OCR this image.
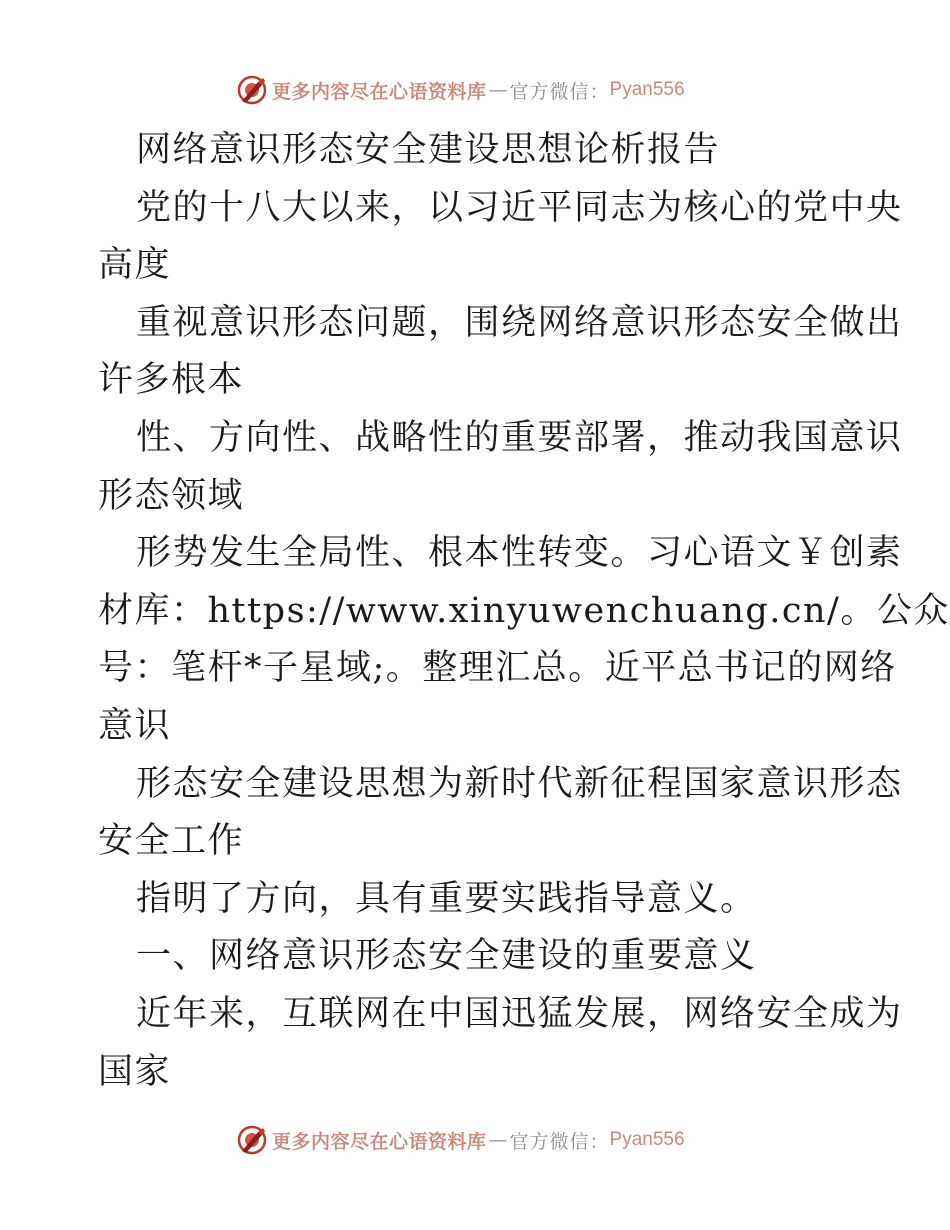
更多内容尽在心语资料库 — 官方微信： Pyan556
网络意识形态安全建设思想论析报告
党的十八大以来，以习近平同志为核心的党中央
高度
重视意识形态问题，围绕网络意识形态安全做出
许多根本
性、方向性、战略性的重要部署，推动我国意识
形态领域
形势发生全局性、根本性转变。习心语文￥创素
材库：https://www.xinyuwenchuang.cn/。公众
号：笔杆*子星域;。整理汇总。近平总书记的网络
意识
形态安全建设思想为新时代新征程国家意识形态
安全工作
指明了方向，具有重要实践指导意义。
一、网络意识形态安全建设的重要意义
近年来，互联网在中国迅猛发展，网络安全成为
国家
更多内容尽在心语资料库 — 官方微信： Pyan556
